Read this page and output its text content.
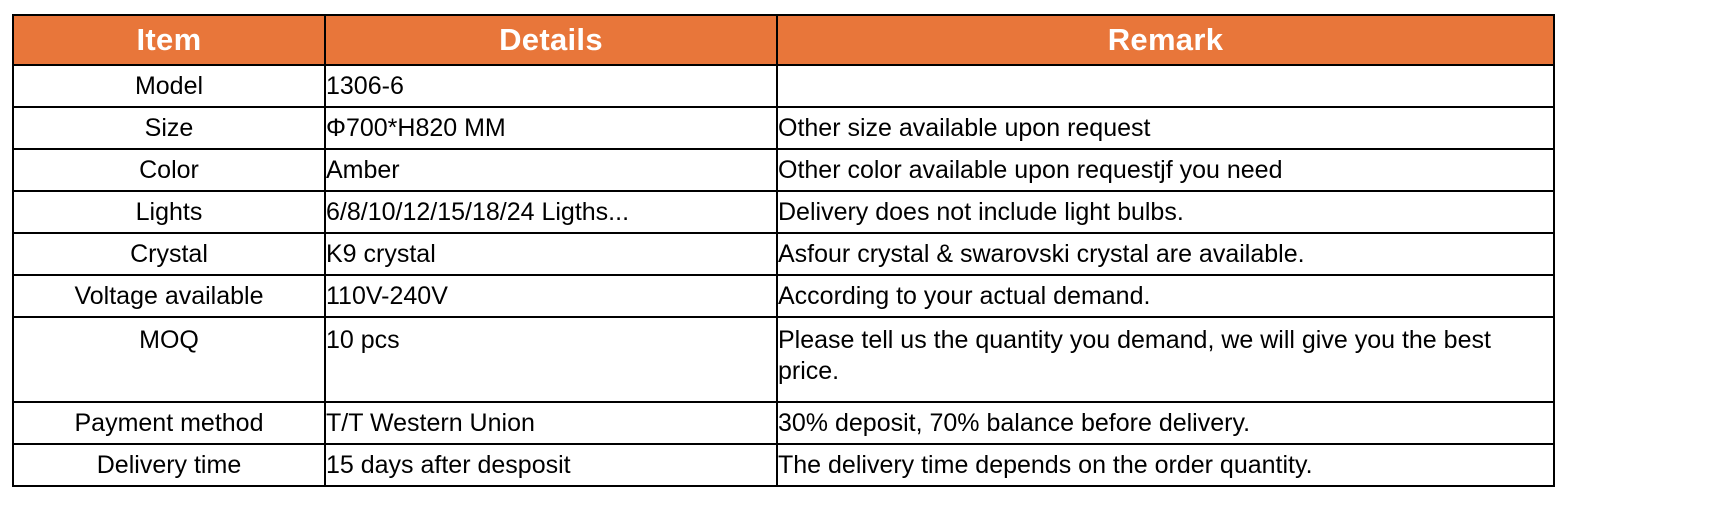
Item	Details	Remark
Model	1306-6	
Size	Φ700*H820 MM	Other size available upon request
Color	Amber	Other color available upon requestjf you need
Lights	6/8/10/12/15/18/24 Ligths...	Delivery does not include light bulbs.
Crystal	K9 crystal	Asfour crystal & swarovski crystal are available.
Voltage available	110V-240V	According to your actual demand.
MOQ	10 pcs	Please tell us the quantity you demand, we will give you the best price.
Payment method	T/T Western Union	30% deposit, 70% balance before delivery.
Delivery time	15 days after desposit	The delivery time depends on the order quantity.
